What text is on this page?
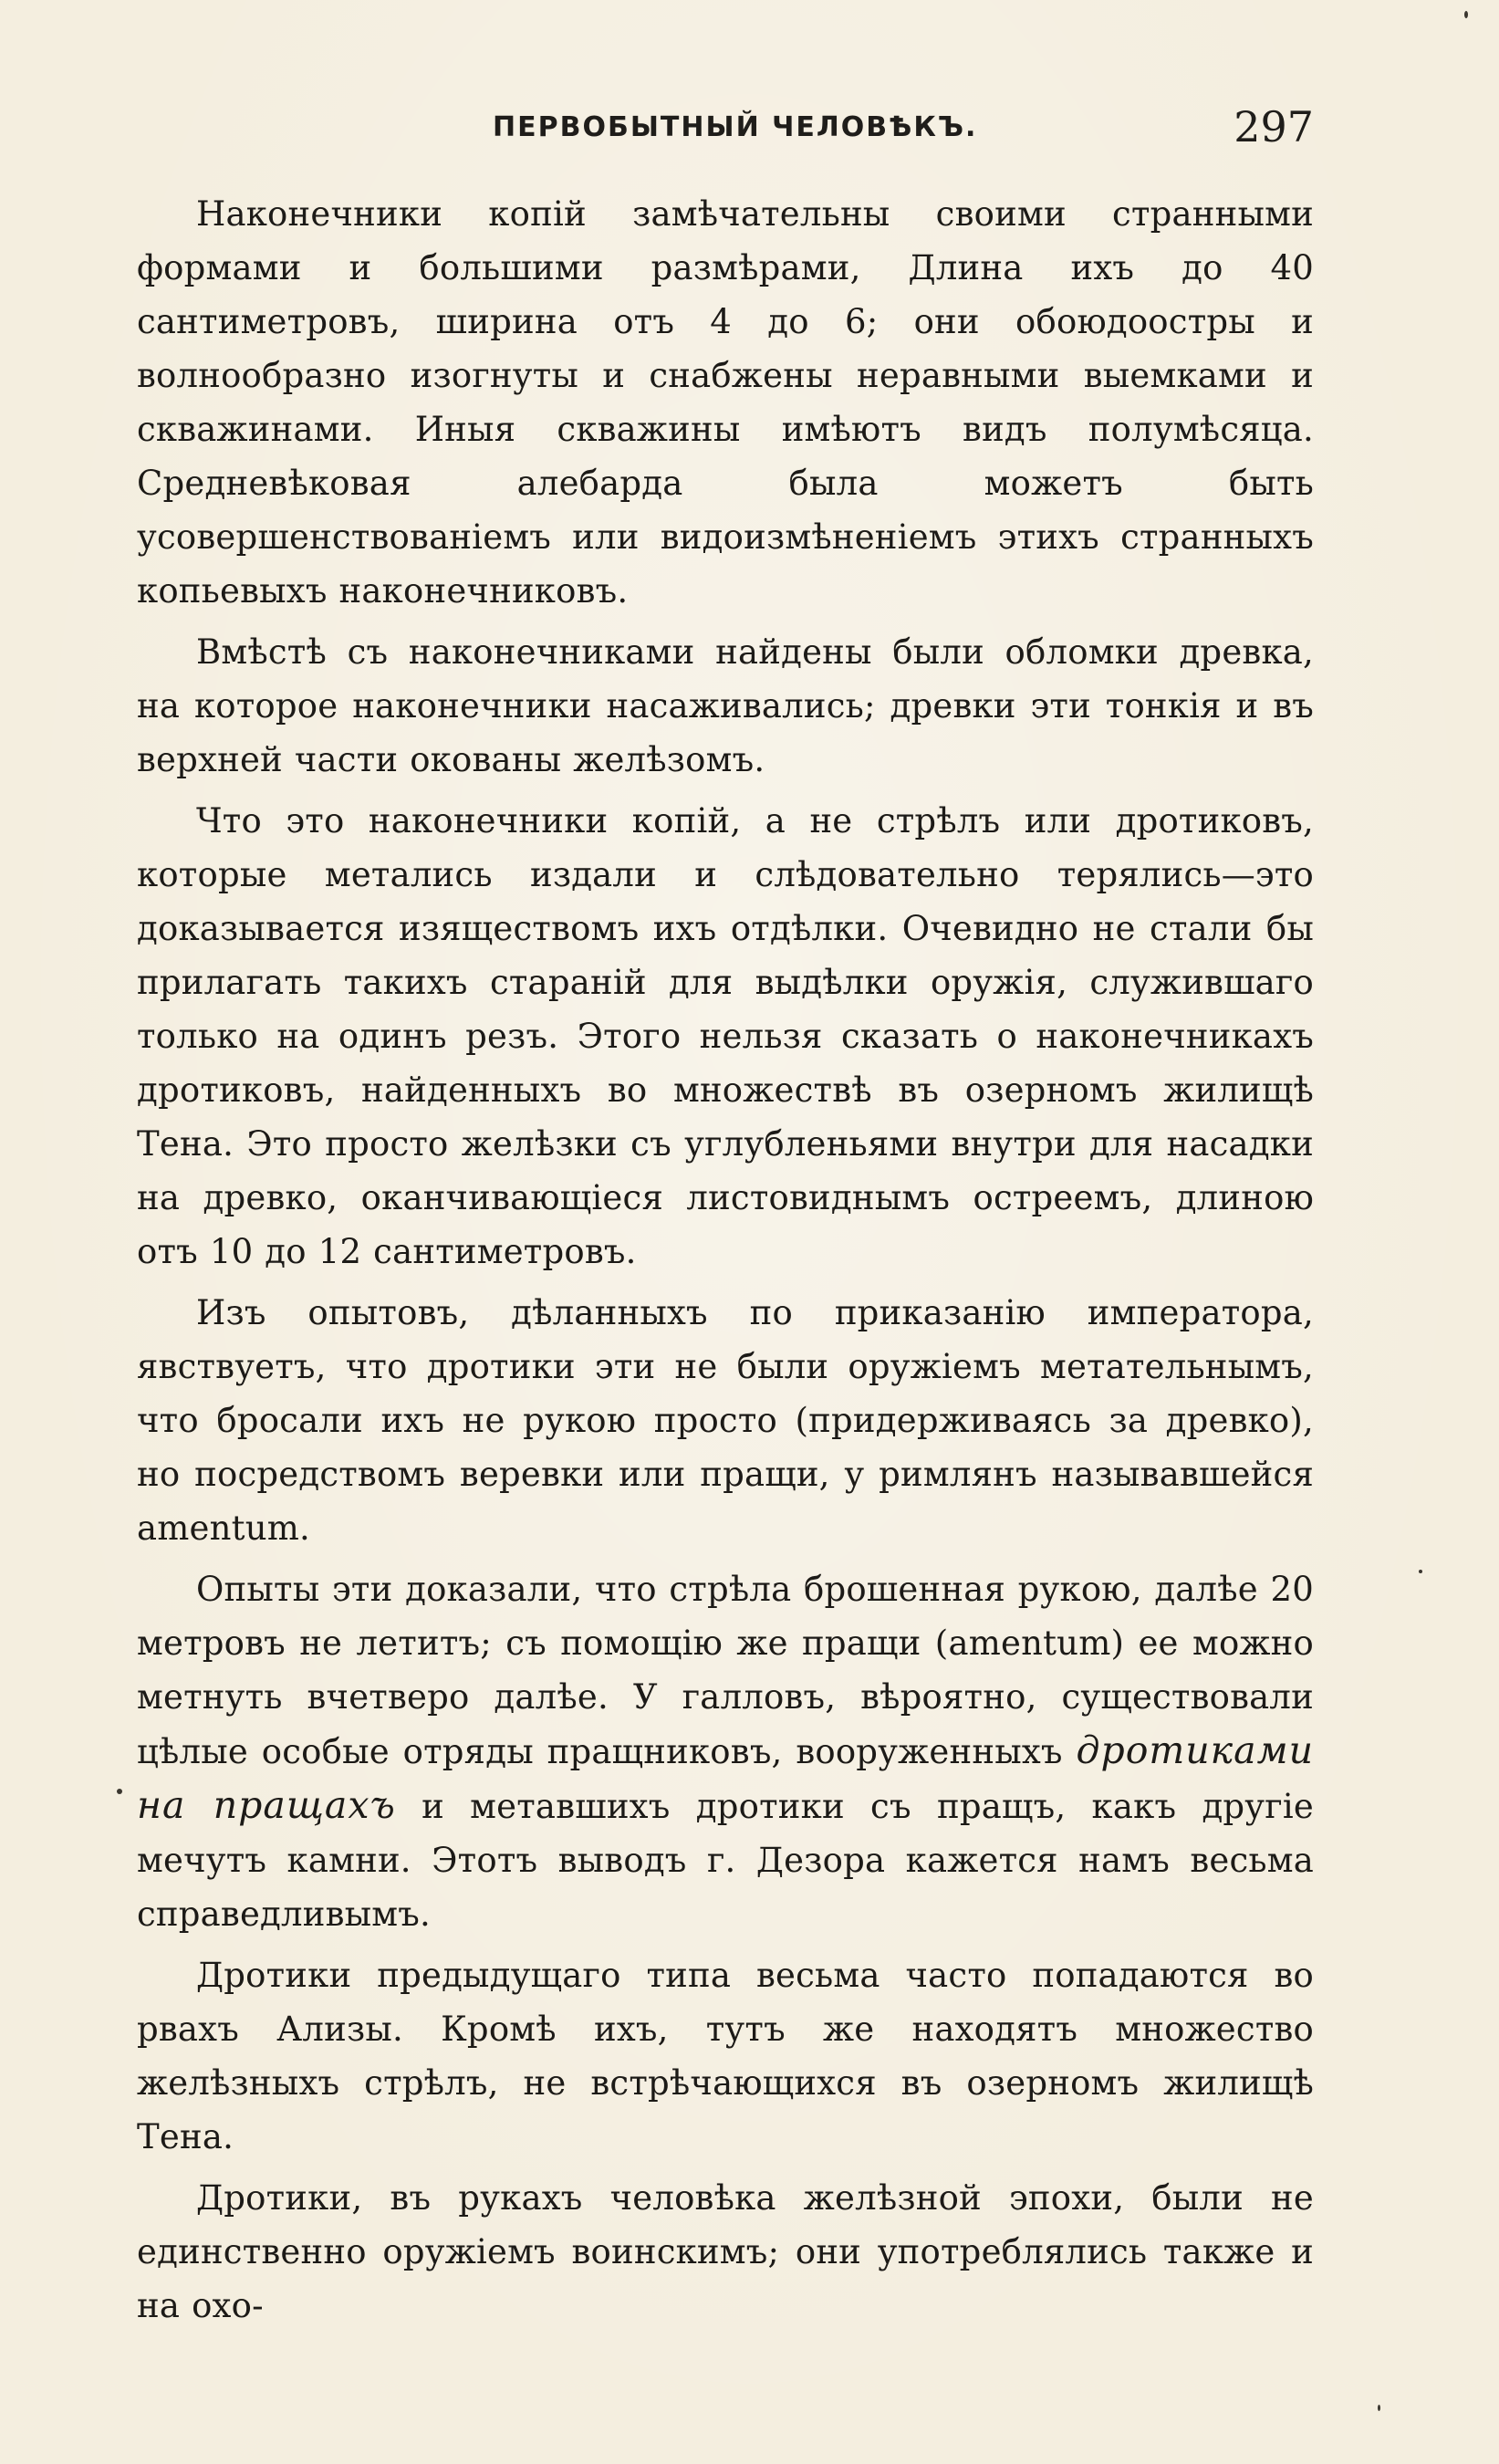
ПЕРВОБЫТНЫЙ ЧЕЛОВѢКЪ.	297

Наконечники копій замѣчательны своими странными формами и большими размѣрами, Длина ихъ до 40 сантиметровъ, ширина отъ 4 до 6; они обоюдоостры и волнообразно изогнуты и снабжены неравными выемками и скважинами. Иныя скважины имѣютъ видъ полумѣсяца. Средневѣковая алебарда была можетъ быть усовершенствованіемъ или видоизмѣненіемъ этихъ странныхъ копьевыхъ наконечниковъ.

Вмѣстѣ съ наконечниками найдены были обломки древка, на которое наконечники насаживались; древки эти тонкія и въ верхней части окованы желѣзомъ.

Что это наконечники копій, а не стрѣлъ или дротиковъ, которые метались издали и слѣдовательно терялись—это доказывается изяществомъ ихъ отдѣлки. Очевидно не стали бы прилагать такихъ стараній для выдѣлки оружія, служившаго только на одинъ резъ. Этого нельзя сказать о наконечникахъ дротиковъ, найденныхъ во множествѣ въ озерномъ жилищѣ Тена. Это просто желѣзки съ углубленьями внутри для насадки на древко, оканчивающіеся листовиднымъ остреемъ, длиною отъ 10 до 12 сантиметровъ.

Изъ опытовъ, дѣланныхъ по приказанію императора, явствуетъ, что дротики эти не были оружіемъ метательнымъ, что бросали ихъ не рукою просто (придерживаясь за древко), но посредствомъ веревки или пращи, у римлянъ называвшейся amentum.

Опыты эти доказали, что стрѣла брошенная рукою, далѣе 20 метровъ не летитъ; съ помощію же пращи (amentum) ее можно метнуть вчетверо далѣе. У галловъ, вѣроятно, существовали цѣлые особые отряды пращниковъ, вооруженныхъ дротиками на пращахъ и метавшихъ дротики съ пращъ, какъ другіе мечутъ камни. Этотъ выводъ г. Дезора кажется намъ весьма справедливымъ.

Дротики предыдущаго типа весьма часто попадаются во рвахъ Ализы. Кромѣ ихъ, тутъ же находятъ множество желѣзныхъ стрѣлъ, не встрѣчающихся въ озерномъ жилищѣ Тена.

Дротики, въ рукахъ человѣка желѣзной эпохи, были не единственно оружіемъ воинскимъ; они употреблялись также и на охо-
